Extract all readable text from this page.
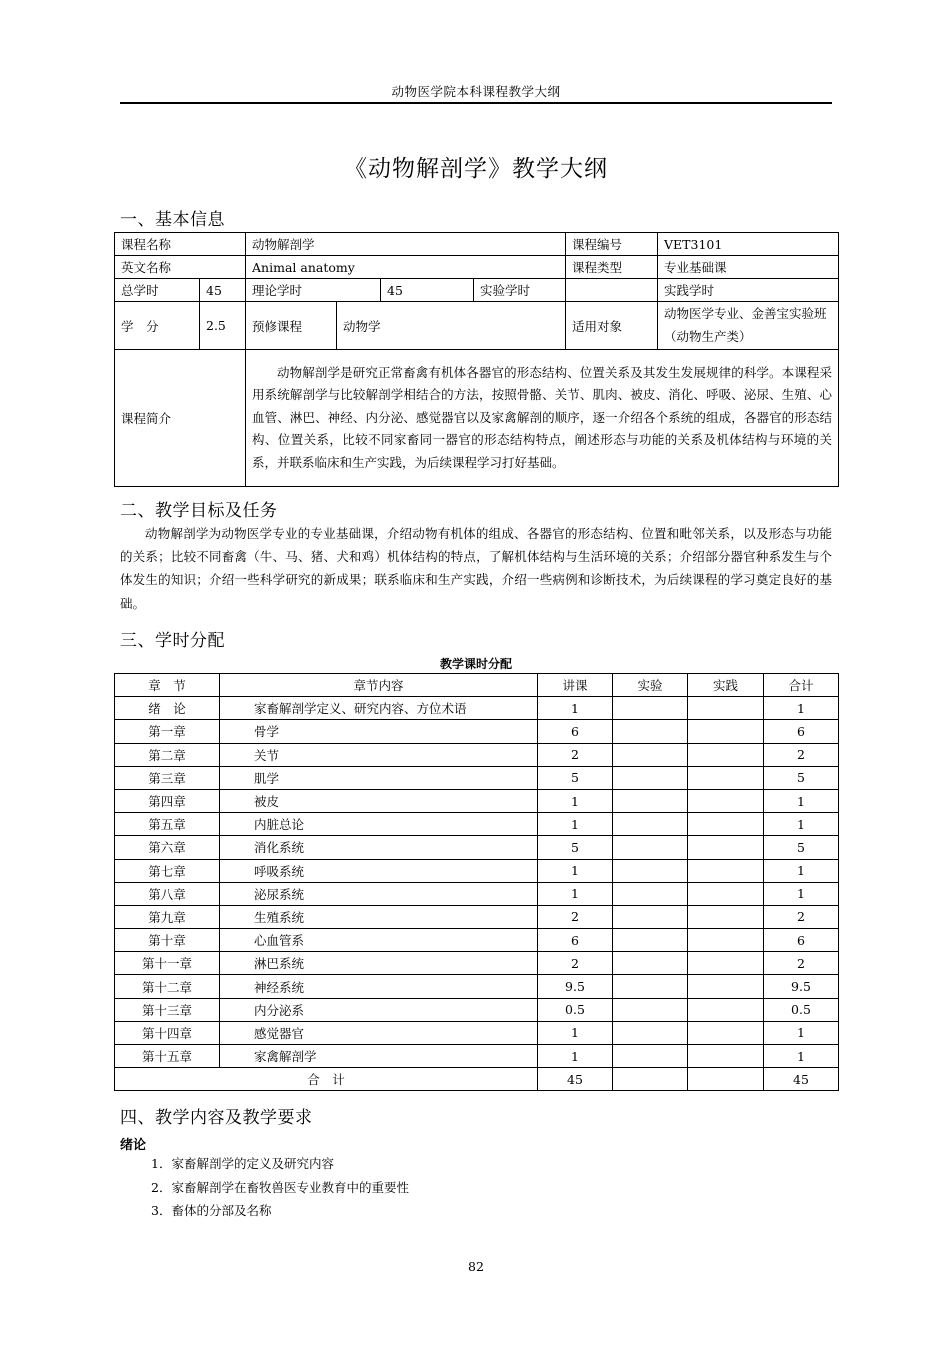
动物医学院本科课程教学大纲
《动物解剖学》教学大纲
一、基本信息
课程名称		动物解剖学				课程编号	VET3101
英文名称		Animal anatomy				课程类型	专业基础课
总学时	45	理论学时		45	实验学时		实践学时
学　分	2.5	预修课程	动物学			适用对象	动物医学专业、金善宝实验班（动物生产类）
课程简介		动物解剖学是研究正常畜禽有机体各器官的形态结构、位置关系及其发生发展规律的科学。本课程采用系统解剖学与比较解剖学相结合的方法，按照骨骼、关节、肌肉、被皮、消化、呼吸、泌尿、生殖、心血管、淋巴、神经、内分泌、感觉器官以及家禽解剖的顺序，逐一介绍各个系统的组成，各器官的形态结构、位置关系，比较不同家畜同一器官的形态结构特点，阐述形态与功能的关系及机体结构与环境的关系，并联系临床和生产实践，为后续课程学习打好基础。					
二、教学目标及任务
动物解剖学为动物医学专业的专业基础课，介绍动物有机体的组成、各器官的形态结构、位置和毗邻关系，以及形态与功能的关系；比较不同畜禽（牛、马、猪、犬和鸡）机体结构的特点，了解机体结构与生活环境的关系；介绍部分器官种系发生与个体发生的知识；介绍一些科学研究的新成果；联系临床和生产实践，介绍一些病例和诊断技术，为后续课程的学习奠定良好的基础。
三、学时分配
教学课时分配
章　节	章节内容	讲课	实验	实践	合计
绪　论	家畜解剖学定义、研究内容、方位术语	1			1
第一章	骨学	6			6
第二章	关节	2			2
第三章	肌学	5			5
第四章	被皮	1			1
第五章	内脏总论	1			1
第六章	消化系统	5			5
第七章	呼吸系统	1			1
第八章	泌尿系统	1			1
第九章	生殖系统	2			2
第十章	心血管系	6			6
第十一章	淋巴系统	2			2
第十二章	神经系统	9.5			9.5
第十三章	内分泌系	0.5			0.5
第十四章	感觉器官	1			1
第十五章	家禽解剖学	1			1
合　计		45			45
四、教学内容及教学要求
绪论
1．家畜解剖学的定义及研究内容
2．家畜解剖学在畜牧兽医专业教育中的重要性
3．畜体的分部及名称
82
